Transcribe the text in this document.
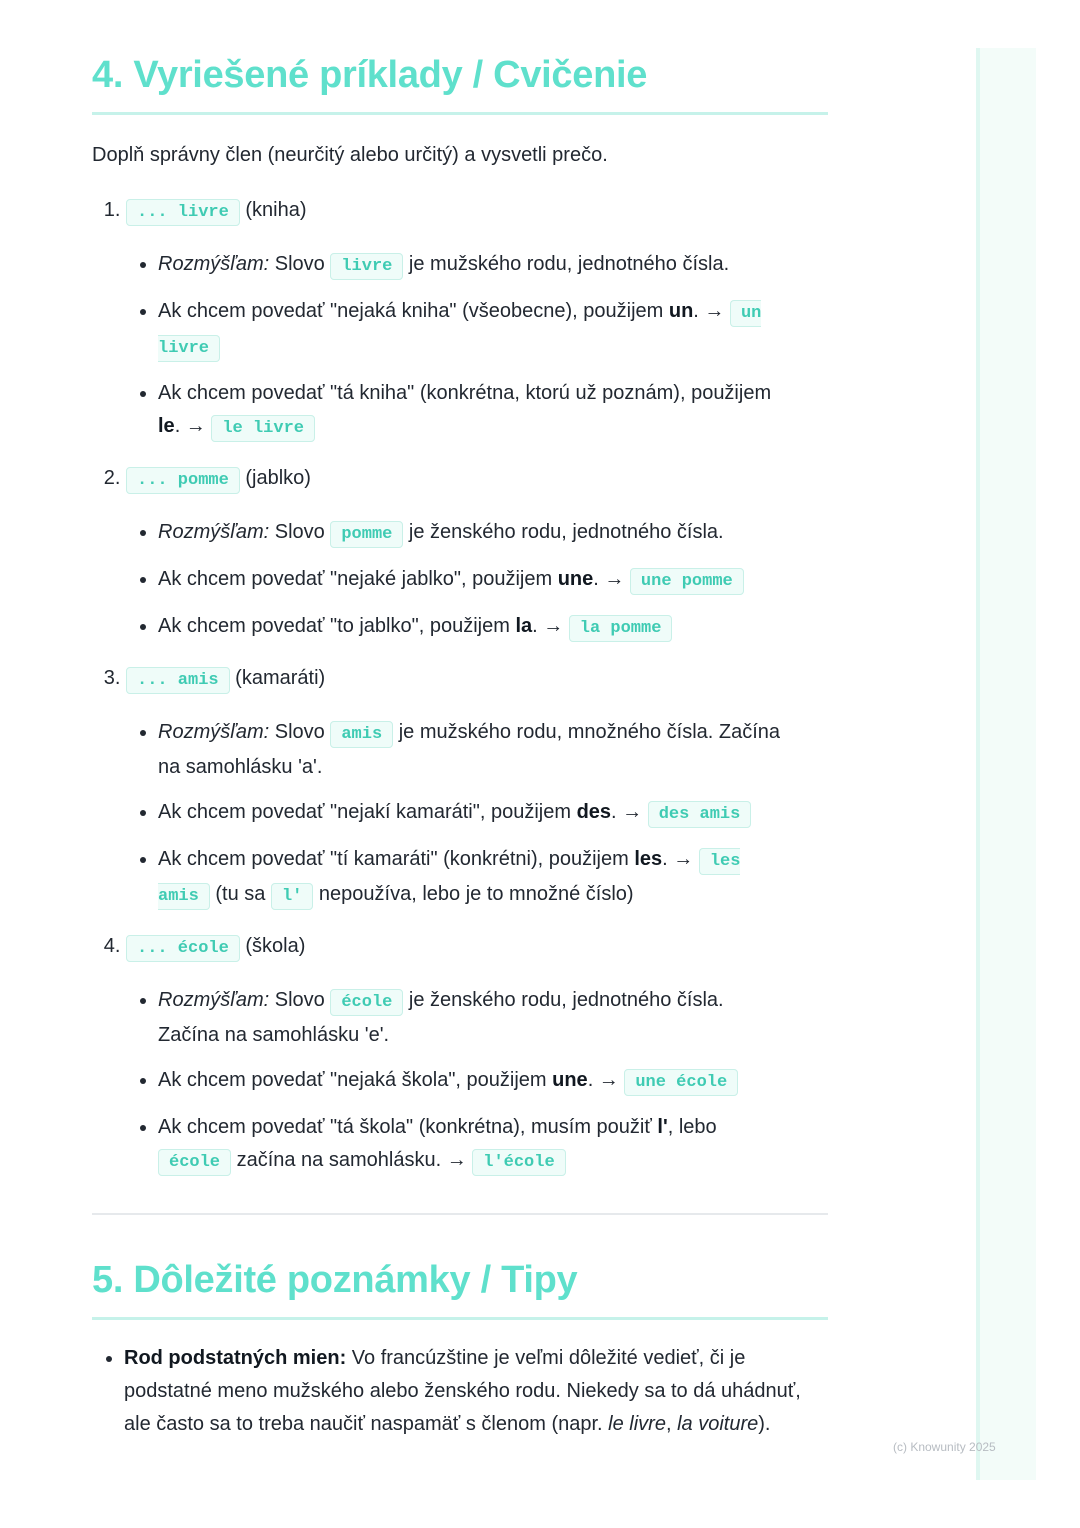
4. Vyriešené príklady / Cvičenie

Doplň správny člen (neurčitý alebo určitý) a vysvetli prečo.

1. ... livre (kniha)
• Rozmýšľam: Slovo livre je mužského rodu, jednotného čísla.
• Ak chcem povedať "nejaká kniha" (všeobecne), použijem un. → un livre
• Ak chcem povedať "tá kniha" (konkrétna, ktorú už poznám), použijem le. → le livre
2. ... pomme (jablko)
• Rozmýšľam: Slovo pomme je ženského rodu, jednotného čísla.
• Ak chcem povedať "nejaké jablko", použijem une. → une pomme
• Ak chcem povedať "to jablko", použijem la. → la pomme
3. ... amis (kamaráti)
• Rozmýšľam: Slovo amis je mužského rodu, množného čísla. Začína na samohlásku 'a'.
• Ak chcem povedať "nejakí kamaráti", použijem des. → des amis
• Ak chcem povedať "tí kamaráti" (konkrétni), použijem les. → les amis (tu sa l' nepoužíva, lebo je to množné číslo)
4. ... école (škola)
• Rozmýšľam: Slovo école je ženského rodu, jednotného čísla. Začína na samohlásku 'e'.
• Ak chcem povedať "nejaká škola", použijem une. → une école
• Ak chcem povedať "tá škola" (konkrétna), musím použiť l', lebo école začína na samohlásku. → l'école
5. Dôležité poznámky / Tipy
• Rod podstatných mien: Vo francúzštine je veľmi dôležité vedieť, či je podstatné meno mužského alebo ženského rodu. Niekedy sa to dá uhádnuť, ale často sa to treba naučiť naspamäť s členom (napr. le livre, la voiture).
(c) Knowunity 2025
